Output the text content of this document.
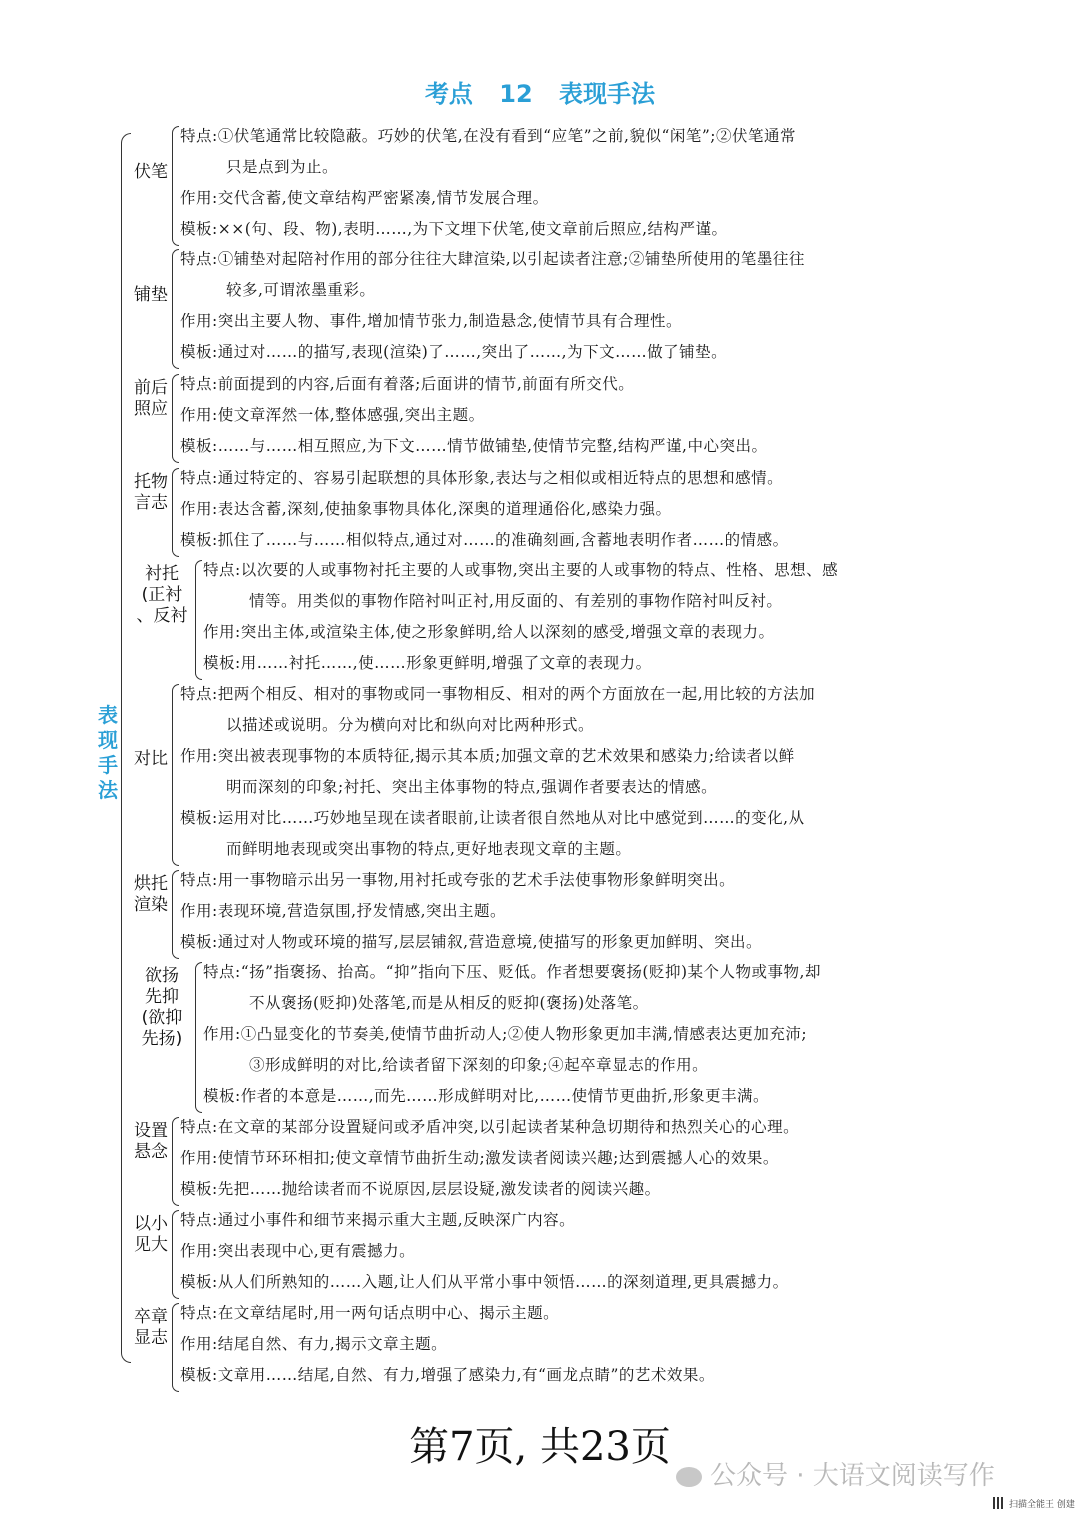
考点 12 表现手法
表现手法
伏笔
特点:①伏笔通常比较隐蔽。巧妙的伏笔,在没有看到“应笔”之前,貌似“闲笔”;②伏笔通常
只是点到为止。
作用:交代含蓄,使文章结构严密紧凑,情节发展合理。
模板:××(句、段、物),表明……,为下文埋下伏笔,使文章前后照应,结构严谨。
铺垫
特点:①铺垫对起陪衬作用的部分往往大肆渲染,以引起读者注意;②铺垫所使用的笔墨往往
较多,可谓浓墨重彩。
作用:突出主要人物、事件,增加情节张力,制造悬念,使情节具有合理性。
模板:通过对……的描写,表现(渲染)了……,突出了……,为下文……做了铺垫。
前后
照应
特点:前面提到的内容,后面有着落;后面讲的情节,前面有所交代。
作用:使文章浑然一体,整体感强,突出主题。
模板:……与……相互照应,为下文……情节做铺垫,使情节完整,结构严谨,中心突出。
托物
言志
特点:通过特定的、容易引起联想的具体形象,表达与之相似或相近特点的思想和感情。
作用:表达含蓄,深刻,使抽象事物具体化,深奥的道理通俗化,感染力强。
模板:抓住了……与……相似特点,通过对……的准确刻画,含蓄地表明作者……的情感。
衬托
(正衬
、反衬
特点:以次要的人或事物衬托主要的人或事物,突出主要的人或事物的特点、性格、思想、感
情等。用类似的事物作陪衬叫正衬,用反面的、有差别的事物作陪衬叫反衬。
作用:突出主体,或渲染主体,使之形象鲜明,给人以深刻的感受,增强文章的表现力。
模板:用……衬托……,使……形象更鲜明,增强了文章的表现力。
对比
特点:把两个相反、相对的事物或同一事物相反、相对的两个方面放在一起,用比较的方法加
以描述或说明。分为横向对比和纵向对比两种形式。
作用:突出被表现事物的本质特征,揭示其本质;加强文章的艺术效果和感染力;给读者以鲜
明而深刻的印象;衬托、突出主体事物的特点,强调作者要表达的情感。
模板:运用对比……巧妙地呈现在读者眼前,让读者很自然地从对比中感觉到……的变化,从
而鲜明地表现或突出事物的特点,更好地表现文章的主题。
烘托
渲染
特点:用一事物暗示出另一事物,用衬托或夸张的艺术手法使事物形象鲜明突出。
作用:表现环境,营造氛围,抒发情感,突出主题。
模板:通过对人物或环境的描写,层层铺叙,营造意境,使描写的形象更加鲜明、突出。
欲扬
先抑
(欲抑
先扬)
特点:“扬”指褒扬、抬高。“抑”指向下压、贬低。作者想要褒扬(贬抑)某个人物或事物,却
不从褒扬(贬抑)处落笔,而是从相反的贬抑(褒扬)处落笔。
作用:①凸显变化的节奏美,使情节曲折动人;②使人物形象更加丰满,情感表达更加充沛;
③形成鲜明的对比,给读者留下深刻的印象;④起卒章显志的作用。
模板:作者的本意是……,而先……形成鲜明对比,……使情节更曲折,形象更丰满。
设置
悬念
特点:在文章的某部分设置疑问或矛盾冲突,以引起读者某种急切期待和热烈关心的心理。
作用:使情节环环相扣;使文章情节曲折生动;激发读者阅读兴趣;达到震撼人心的效果。
模板:先把……抛给读者而不说原因,层层设疑,激发读者的阅读兴趣。
以小
见大
特点:通过小事件和细节来揭示重大主题,反映深广内容。
作用:突出表现中心,更有震撼力。
模板:从人们所熟知的……入题,让人们从平常小事中领悟……的深刻道理,更具震撼力。
卒章
显志
特点:在文章结尾时,用一两句话点明中心、揭示主题。
作用:结尾自然、有力,揭示文章主题。
模板:文章用……结尾,自然、有力,增强了感染力,有“画龙点睛”的艺术效果。
第7页, 共23页
公众号 · 大语文阅读写作
扫描全能王 创建
